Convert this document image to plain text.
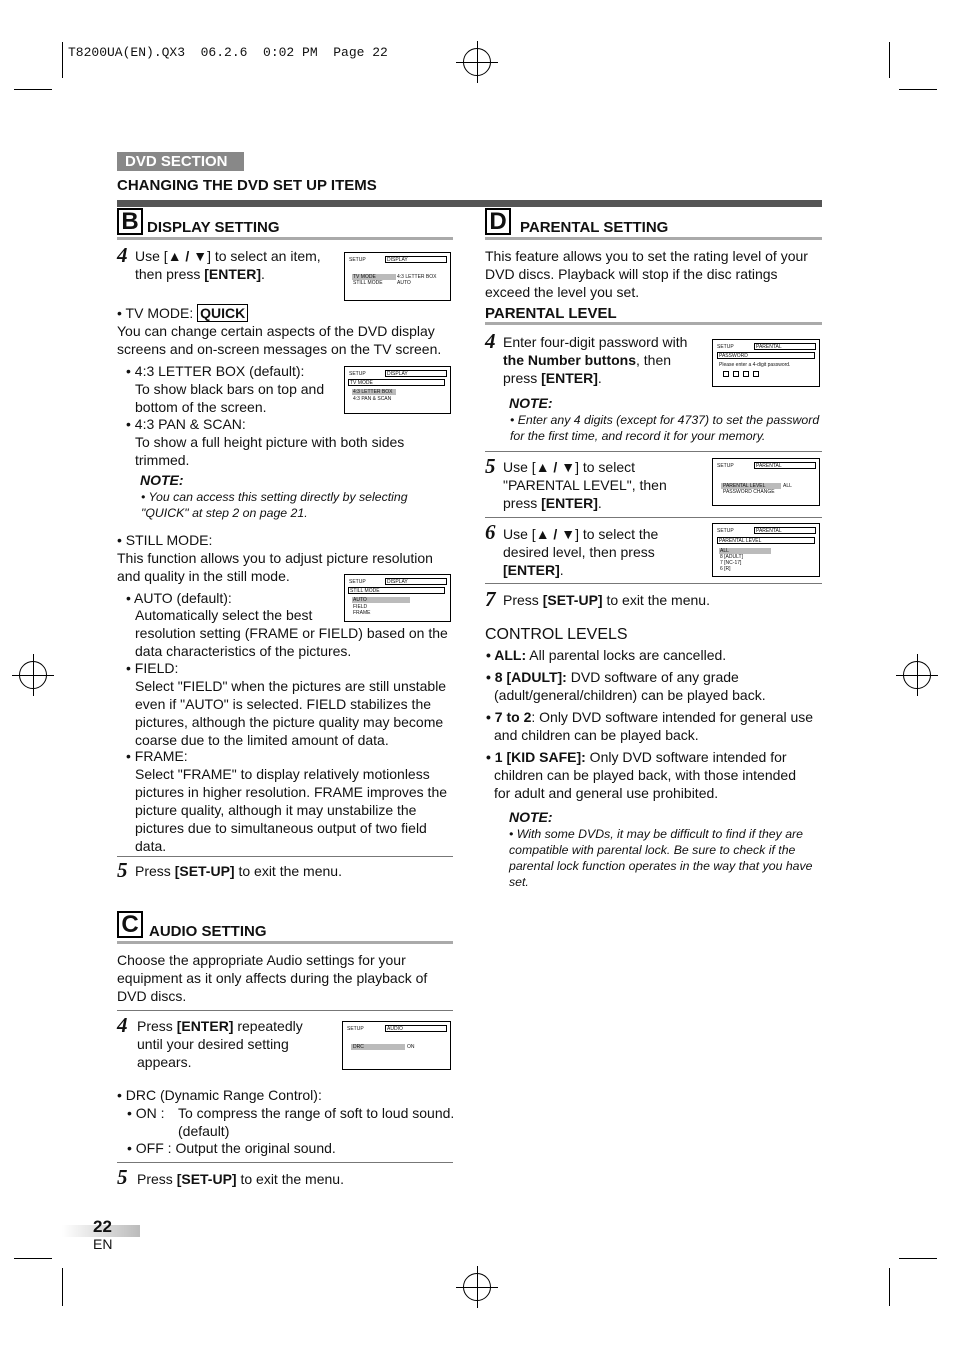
T8200UA(EN).QX3  06.2.6  0:02 PM  Page 22
DVD SECTION
CHANGING THE DVD SET UP ITEMS
B DISPLAY SETTING
4 Use [▲ / ▼] to select an item,
then press [ENTER].
SETUP	DISPLAY
TV MODE	4:3 LETTER BOX
STILL MODE	AUTO
• TV MODE: QUICK
You can change certain aspects of the DVD display screens and on-screen messages on the TV screen.
• 4:3 LETTER BOX (default):
To show black bars on top and bottom of the screen.
SETUP	DISPLAY
TV MODE
4:3 LETTER BOX
4:3 PAN & SCAN
• 4:3 PAN & SCAN:
To show a full height picture with both sides trimmed.
NOTE:
• You can access this setting directly by selecting "QUICK" at step 2 on page 21.
• STILL MODE:
This function allows you to adjust picture resolution and quality in the still mode.	SETUP	DISPLAY
STILL MODE
AUTO
FIELD
FRAME
• AUTO (default):
Automatically select the best
resolution setting (FRAME or FIELD) based on the data characteristics of the pictures.
• FIELD:
Select "FIELD" when the pictures are still unstable even if "AUTO" is selected. FIELD stabilizes the pictures, although the picture quality may become coarse due to the limited amount of data.
• FRAME:
Select "FRAME" to display relatively motionless pictures in higher resolution. FRAME improves the picture quality, although it may unstabilize the pictures due to simultaneous output of two field data.
5 Press [SET-UP] to exit the menu.
C AUDIO SETTING
Choose the appropriate Audio settings for your equipment as it only affects during the playback of DVD discs.
4 Press [ENTER] repeatedly
until your desired setting appears.
SETUP	AUDIO
DRC	ON
• DRC (Dynamic Range Control):
• ON : To compress the range of soft to loud sound. (default)
• OFF : Output the original sound.
5 Press [SET-UP] to exit the menu.
D PARENTAL SETTING
This feature allows you to set the rating level of your DVD discs. Playback will stop if the disc ratings exceed the level you set.
PARENTAL LEVEL
4 Enter four-digit password with
the Number buttons, then
press [ENTER].
SETUP	PARENTAL
PASSWORD
Please enter a 4-digit password.
NOTE:
• Enter any 4 digits (except for 4737) to set the password for the first time, and record it for your memory.
5 Use [▲ / ▼] to select
"PARENTAL LEVEL", then
press [ENTER].
SETUP	PARENTAL
PARENTAL LEVEL	ALL
PASSWORD CHANGE
6 Use [▲ / ▼] to select the
desired level, then press
[ENTER].
SETUP	PARENTAL
PARENTAL LEVEL
ALL
8 [ADULT]
7 [NC-17]
6 [R]
7 Press [SET-UP] to exit the menu.
CONTROL LEVELS
• ALL: All parental locks are cancelled.
• 8 [ADULT]: DVD software of any grade (adult/general/children) can be played back.
• 7 to 2: Only DVD software intended for general use and children can be played back.
• 1 [KID SAFE]: Only DVD software intended for children can be played back, with those intended for adult and general use prohibited.
NOTE:
• With some DVDs, it may be difficult to find if they are compatible with parental lock. Be sure to check if the parental lock function operates in the way that you have set.
22
EN
